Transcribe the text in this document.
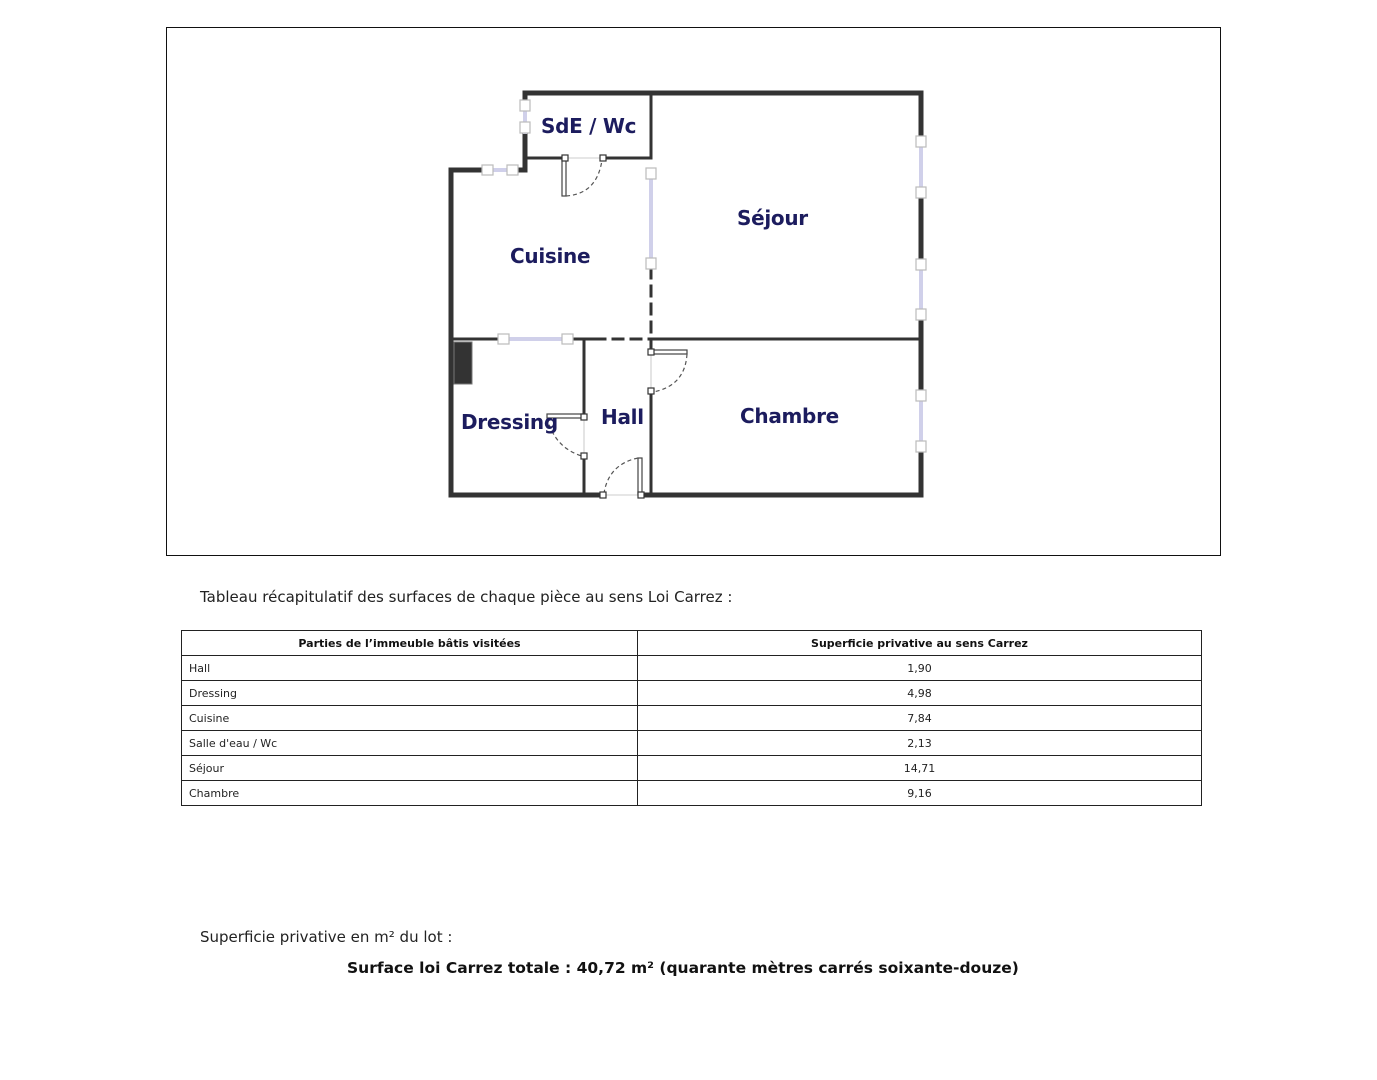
SdE / Wc
Séjour
Cuisine
Dressing Hall	Chambre
Tableau récapitulatif des surfaces de chaque pièce au sens Loi Carrez :
Parties de l’immeuble bâtis visitées	Superficie privative au sens Carrez
Hall	1,90
Dressing	4,98
Cuisine	7,84
Salle d'eau / Wc	2,13
Séjour	14,71
Chambre	9,16
Superficie privative en m² du lot :
Surface loi Carrez totale : 40,72 m² (quarante mètres carrés soixante-douze)
